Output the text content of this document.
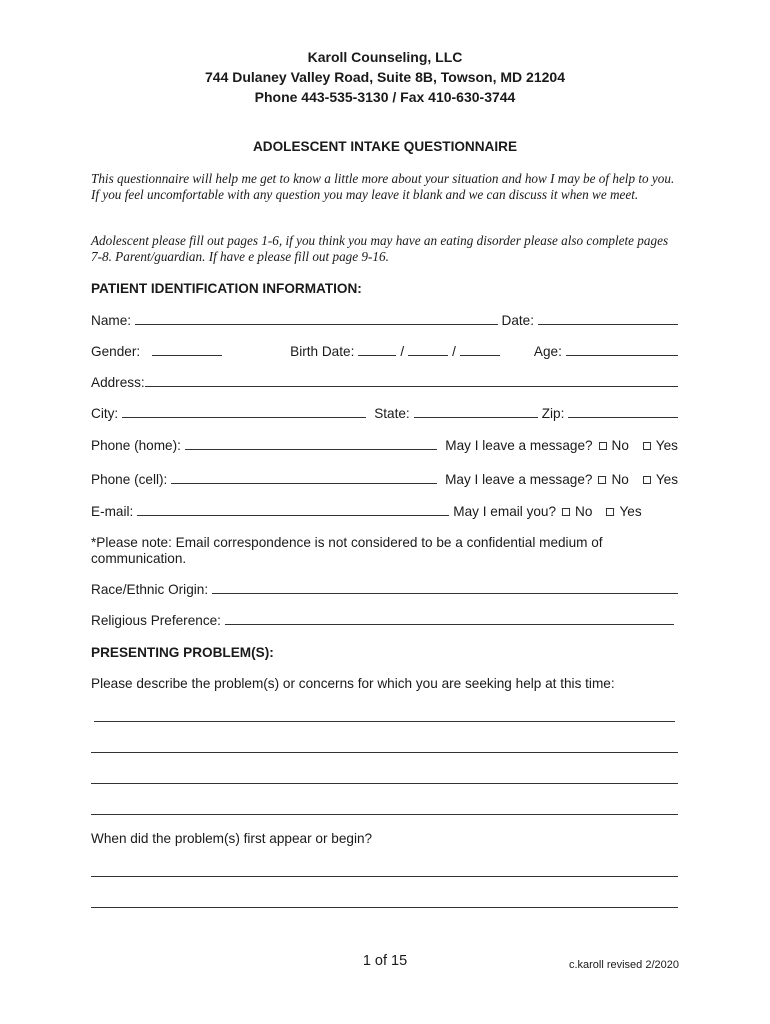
Karoll Counseling, LLC
744 Dulaney Valley Road, Suite 8B, Towson, MD 21204
Phone 443-535-3130 / Fax 410-630-3744
ADOLESCENT INTAKE QUESTIONNAIRE
This questionnaire will help me get to know a little more about your situation and how I may be of help to you. If you feel uncomfortable with any question you may leave it blank and we can discuss it when we meet.
Adolescent please fill out pages 1-6, if you think you may have an eating disorder please also complete pages 7-8. Parent/guardian. If have e please fill out page 9-16.
PATIENT IDENTIFICATION INFORMATION:
Name:	Date:
Gender:	Birth Date:	/	/	Age:
Address:
City:	State:	Zip:
Phone (home):	May I leave a message? No Yes
Phone (cell):	May I leave a message? No Yes
E-mail:	May I email you? No Yes
*Please note: Email correspondence is not considered to be a confidential medium of communication.
Race/Ethnic Origin:
Religious Preference:
PRESENTING PROBLEM(S):
Please describe the problem(s) or concerns for which you are seeking help at this time:
When did the problem(s) first appear or begin?
1 of 15	c.karoll revised 2/2020
